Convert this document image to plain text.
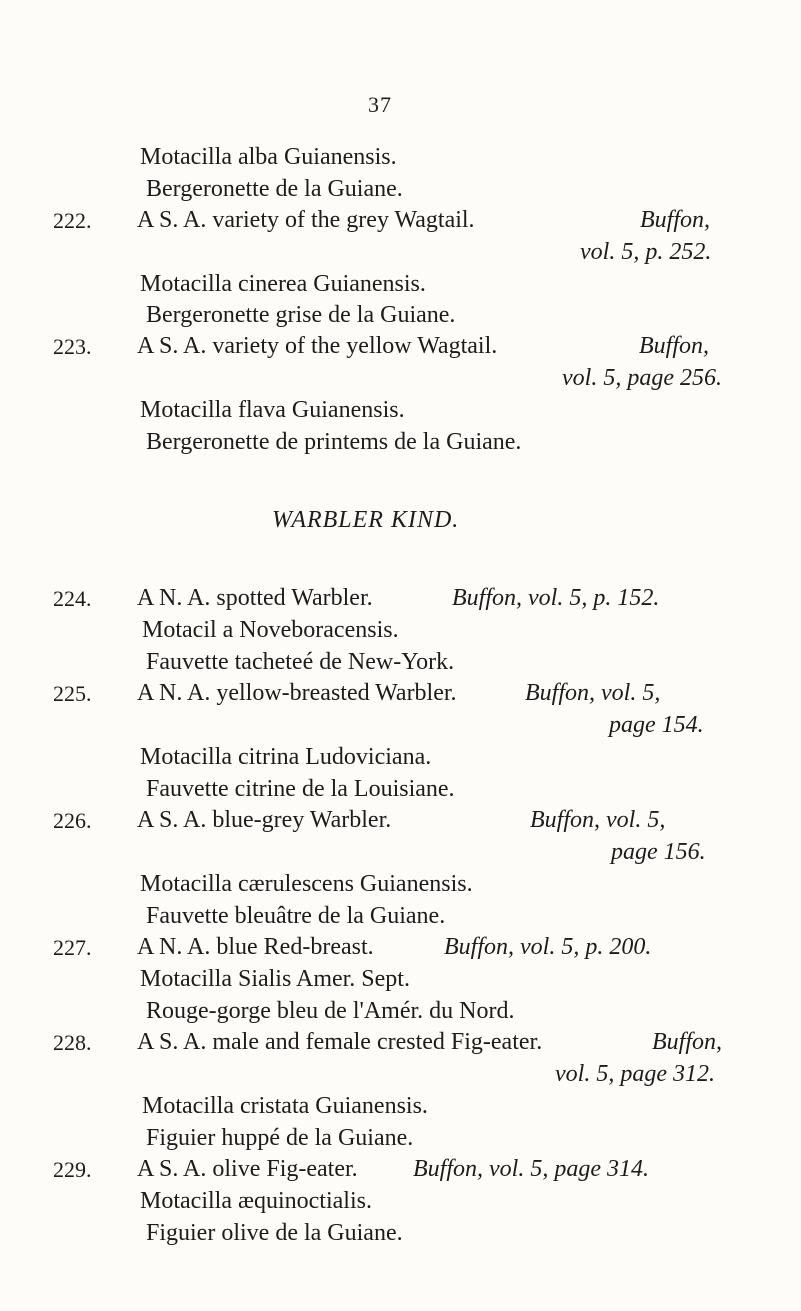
37
Motacilla alba Guianensis.
Bergeronette de la Guiane.
222. A S. A. variety of the grey Wagtail.	Buffon,
vol. 5, p. 252.
Motacilla cinerea Guianensis.
Bergeronette grise de la Guiane.
223. A S. A. variety of the yellow Wagtail.	Buffon,
vol. 5, page 256.
Motacilla flava Guianensis.
Bergeronette de printems de la Guiane.
WARBLER KIND.
224. A N. A. spotted Warbler.	Buffon, vol. 5, p. 152.
Motacil a Noveboracensis.
Fauvette tacheteé de New-York.
225. A N. A. yellow-breasted Warbler.	Buffon, vol. 5,
page 154.
Motacilla citrina Ludoviciana.
Fauvette citrine de la Louisiane.
226. A S. A. blue-grey Warbler.	Buffon, vol. 5,
page 156.
Motacilla cærulescens Guianensis.
Fauvette bleuâtre de la Guiane.
227. A N. A. blue Red-breast.	Buffon, vol. 5, p. 200.
Motacilla Sialis Amer. Sept.
Rouge-gorge bleu de l'Amér. du Nord.
228. A S. A. male and female crested Fig-eater.	Buffon,
vol. 5, page 312.
Motacilla cristata Guianensis.
Figuier huppé de la Guiane.
229. A S. A. olive Fig-eater. Buffon, vol. 5, page 314.
Motacilla æquinoctialis.
Figuier olive de la Guiane.
